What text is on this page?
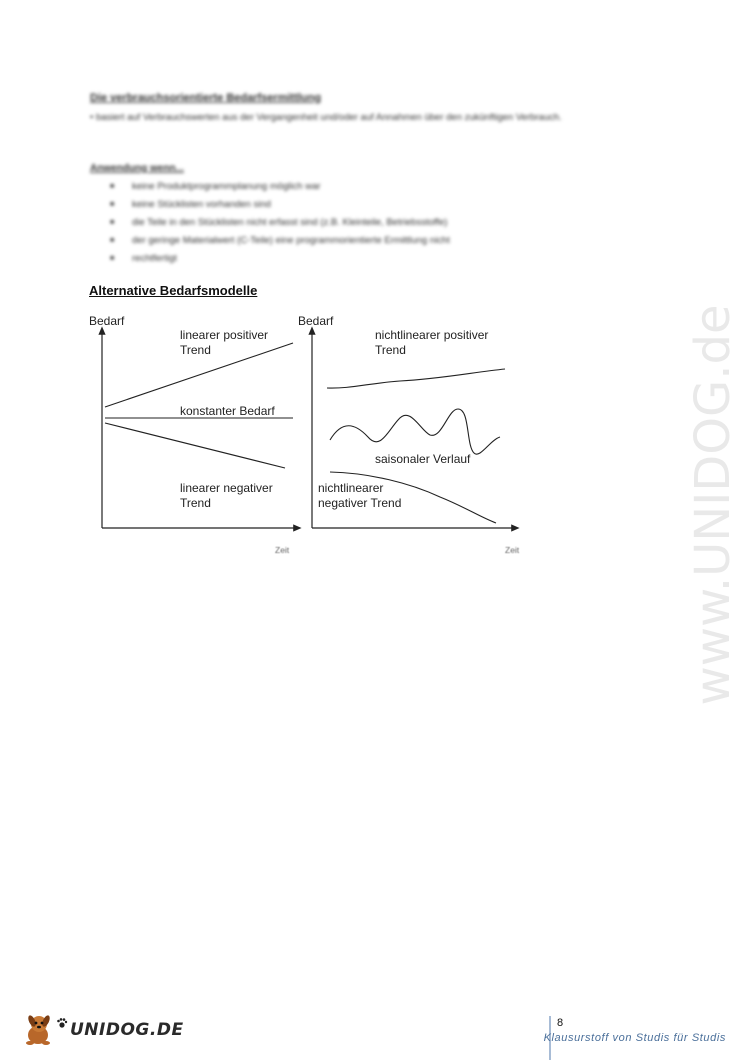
Die verbrauchsorientierte Bedarfsermittlung
• basiert auf Verbrauchswerten aus der Vergangenheit und/oder auf Annahmen über den zukünftigen Verbrauch.
Anwendung wenn...
■ keine Produktprogrammplanung möglich war
■ keine Stücklisten vorhanden sind
■ die Teile in den Stücklisten nicht erfasst sind (z.B. Kleinteile, Betriebsstoffe)
■ der geringe Materialwert (C-Teile) eine programmorientierte Ermittlung nicht
■ rechtfertigt
Alternative Bedarfsmodelle
Bedarf
Zeit
linearer positiver
Trend
konstanter Bedarf
linearer negativer
Trend
Bedarf
Zeit
nichtlinearer positiver
Trend
saisonaler Verlauf
nichtlinearer
negativer Trend	www.UNIDOG.de
UNIDOG.DE	8
Klausurstoff von Studis für Studis
